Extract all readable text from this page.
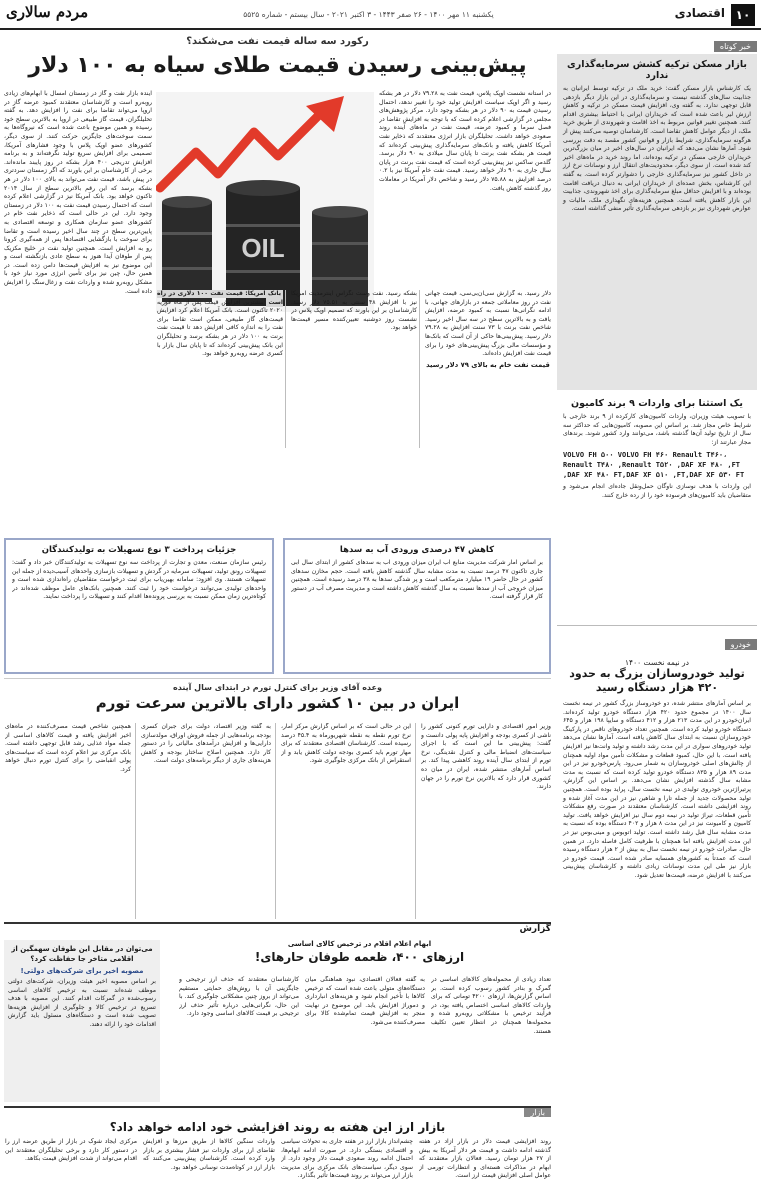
۱۰
اقتصادی
یکشنبه ۱۱ مهر ۱۴۰۰ - ۲۶ صفر ۱۴۴۳ - ۳ اکتبر ۲۰۲۱ - سال بیستم - شماره ۵۵۲۵
مردم سالاری
خبر کوتاه
بازار مسکن ترکیه کشش سرمایه‌گذاری ندارد
یک کارشناس بازار مسکن گفت: خرید ملک در ترکیه توسط ایرانیان به جذابیت سال‌های گذشته نیست و سرمایه‌گذاری در این بازار دیگر بازدهی قابل توجهی ندارد. به گفته وی، افزایش قیمت مسکن در ترکیه و کاهش ارزش لیر باعث شده است که خریداران ایرانی با احتیاط بیشتری اقدام کنند. همچنین تغییر قوانین مربوط به اخذ اقامت و شهروندی از طریق خرید ملک، از دیگر عوامل کاهش تقاضا است. کارشناسان توصیه می‌کنند پیش از هرگونه سرمایه‌گذاری، شرایط بازار و قوانین کشور مقصد به دقت بررسی شود. آمارها نشان می‌دهد که ایرانیان در سال‌های اخیر در میان بزرگ‌ترین خریداران خارجی مسکن در ترکیه بوده‌اند، اما روند خرید در ماه‌های اخیر کند شده است. از سوی دیگر، محدودیت‌های انتقال ارز و نوسانات نرخ ارز در داخل کشور نیز سرمایه‌گذاری خارجی را دشوارتر کرده است. به گفته این کارشناس، بخش عمده‌ای از خریداران ایرانی به دنبال دریافت اقامت بوده‌اند و با افزایش حداقل مبلغ سرمایه‌گذاری برای اخذ شهروندی، جذابیت این بازار کاهش یافته است. همچنین هزینه‌های نگهداری ملک، مالیات و عوارض شهرداری نیز بر بازدهی سرمایه‌گذاری تأثیر منفی گذاشته است.
یک استثنا برای واردات ۹ برند کامیون
با تصویب هیئت وزیران، واردات کامیون‌های کارکرده از ۹ برند خارجی با شرایط خاص مجاز شد. بر اساس این مصوبه، کامیون‌هایی که حداکثر سه سال از تاریخ تولید آن‌ها گذشته باشد، می‌توانند وارد کشور شوند. برندهای مجاز عبارتند از:
VOLVO FH ۵۰۰ VOLVO FH ۴۶۰ Renault T۴۶۰، Renault T۴۸۰ ,Renault T۵۲۰ ,DAF XF ۴۸۰ ,FT ,DAF XF ۴۸۰ FT,DAF XF ۵۱۰ ,FT,DAF XF ۵۳۰ FT
این واردات با هدف نوسازی ناوگان حمل‌ونقل جاده‌ای انجام می‌شود و متقاضیان باید کامیون‌های فرسوده خود را از رده خارج کنند.
خودرو
در نیمه نخست ۱۴۰۰
تولید خودروسازان بزرگ به حدود ۴۲۰ هزار دستگاه رسید
بر اساس آمارهای منتشر شده، دو خودروساز بزرگ کشور در نیمه نخست سال ۱۴۰۰ در مجموع حدود ۴۲۰ هزار دستگاه خودرو تولید کرده‌اند. ایران‌خودرو در این مدت ۲۱۳ هزار و ۴۱۲ دستگاه و سایپا ۱۹۸ هزار و ۶۴۵ دستگاه خودرو تولید کرده است. همچنین تعداد خودروهای ناقص در پارکینگ خودروسازان نسبت به ابتدای سال کاهش یافته است. آمارها نشان می‌دهد تولید خودروهای سواری در این مدت رشد داشته و تولید وانت‌ها نیز افزایش یافته است. با این حال، کمبود قطعات و مشکلات تأمین مواد اولیه همچنان از چالش‌های اصلی خودروسازان به شمار می‌رود. پارس‌خودرو نیز در این مدت ۸۹ هزار و ۸۳۵ دستگاه خودرو تولید کرده است که نسبت به مدت مشابه سال گذشته افزایش نشان می‌دهد. بر اساس این گزارش، پرتیراژترین خودروی تولیدی در نیمه نخست سال، پراید بوده است. همچنین تولید محصولات جدید از جمله تارا و شاهین نیز در این مدت آغاز شده و روند افزایشی داشته است. کارشناسان معتقدند در صورت رفع مشکلات تأمین قطعات، تیراژ تولید در نیمه دوم سال نیز افزایش خواهد یافت. تولید کامیون و کامیونت نیز در این مدت ۸ هزار و ۴۰۲ دستگاه بوده که نسبت به مدت مشابه سال قبل رشد داشته است. تولید اتوبوس و مینی‌بوس نیز در این مدت افزایش یافته اما همچنان با ظرفیت کامل فاصله دارد. در همین حال، صادرات خودرو در نیمه نخست سال به بیش از ۲ هزار دستگاه رسیده است که عمدتاً به کشورهای همسایه صادر شده است. قیمت خودرو در بازار نیز طی این مدت نوسانات زیادی داشته و کارشناسان پیش‌بینی می‌کنند با افزایش عرضه، قیمت‌ها تعدیل شود.
رکورد سه ساله قیمت نفت می‌شکند؟
پیش‌بینی رسیدن قیمت طلای سیاه به ۱۰۰ دلار
در آستانه نشست اوپک پلاس، قیمت نفت به ۷۹.۲۸ دلار در هر بشکه رسید و اگر اوپک سیاست افزایش تولید خود را تغییر ندهد، احتمال رسیدن قیمت به ۹۰ دلار در هر بشکه وجود دارد. مرکز پژوهش‌های مجلس در گزارشی اعلام کرده است که با توجه به افزایش تقاضا در فصل سرما و کمبود عرضه، قیمت نفت در ماه‌های آینده روند صعودی خواهد داشت. تحلیلگران بازار انرژی معتقدند که ذخایر نفت آمریکا کاهش یافته و بانک‌های سرمایه‌گذاری پیش‌بینی کرده‌اند که قیمت هر بشکه نفت برنت تا پایان سال میلادی به ۹۰ دلار برسد. گلدمن ساکس نیز پیش‌بینی کرده است که قیمت نفت برنت در پایان سال جاری به ۹۰ دلار خواهد رسید. قیمت نفت خام آمریکا نیز با ۰.۲ درصد افزایش به ۷۵.۸۸ دلار رسید و شاخص دلار آمریکا در معاملات روز گذشته کاهش یافت.
OIL
آینده بازار نفت و گاز در زمستان امسال با ابهام‌های زیادی روبه‌رو است و کارشناسان معتقدند کمبود عرضه گاز در اروپا می‌تواند تقاضا برای نفت را افزایش دهد. به گفته تحلیلگران، قیمت گاز طبیعی در اروپا به بالاترین سطح خود رسیده و همین موضوع باعث شده است که نیروگاه‌ها به سمت سوخت‌های جایگزین حرکت کنند. از سوی دیگر، کشورهای عضو اوپک پلاس با وجود فشارهای آمریکا، تصمیمی برای افزایش سریع تولید نگرفته‌اند و به برنامه افزایش تدریجی ۴۰۰ هزار بشکه در روز پایبند مانده‌اند. برخی از کارشناسان بر این باورند که اگر زمستان سردتری در پیش باشد، قیمت نفت می‌تواند به بالای ۱۰۰ دلار در هر بشکه برسد که این رقم بالاترین سطح از سال ۲۰۱۴ تاکنون خواهد بود. بانک آمریکا نیز در گزارشی اعلام کرده است که احتمال رسیدن قیمت نفت به ۱۰۰ دلار در زمستان وجود دارد. این در حالی است که ذخایر نفت خام در کشورهای عضو سازمان همکاری و توسعه اقتصادی به پایین‌ترین سطح در چند سال اخیر رسیده است و تقاضا برای سوخت با بازگشایی اقتصادها پس از همه‌گیری کرونا رو به افزایش است. همچنین تولید نفت در خلیج مکزیک پس از طوفان آیدا هنوز به سطح عادی بازنگشته است و این موضوع نیز به افزایش قیمت‌ها دامن زده است. در همین حال، چین نیز برای تأمین انرژی مورد نیاز خود با مشکل روبه‌رو شده و واردات نفت و زغال‌سنگ را افزایش داده است.	دلار رسید. به گزارش سی‌ان‌بی‌سی، قیمت جهانی نفت در روز معاملاتی جمعه در بازارهای جهانی، با ادامه نگرانی‌ها نسبت به کمبود عرضه، افزایش یافت و به بالاترین سطح در سه سال اخیر رسید. شاخص نفت برنت با ۷۳ سنت افزایش به ۷۹.۲۸ دلار رسید. پیش‌بینی‌ها حاکی از آن است که بانک‌ها و مؤسسات مالی بزرگ پیش‌بینی‌های خود را برای قیمت نفت افزایش داده‌اند.
قیمت نفت خام به بالای ۷۹ دلار رسید
بشکه رسید. نفت وست تگزاس اینترمدیت آمریکا نیز با افزایش ۴۸ سنتی به ۷۵.۵۱ دلار رسید. کارشناسان بر این باورند که تصمیم اوپک پلاس در نشست روز دوشنبه تعیین‌کننده مسیر قیمت‌ها خواهد بود.
بانک آمریکا: قیمت نفت ۱۰۰ دلاری در راه است بیشترین افزایش قیمت پس از ماه فوریه ۲۰۲۰ تاکنون است. بانک آمریکا اعلام کرد افزایش قیمت‌های گاز طبیعی، ممکن است تقاضا برای نفت را به اندازه کافی افزایش دهد تا قیمت نفت برنت به ۱۰۰ دلار در هر بشکه برسد و تحلیلگران این بانک پیش‌بینی کرده‌اند که تا پایان سال بازار با کسری عرضه روبه‌رو خواهد بود.
جزئیات پرداخت ۳ نوع تسهیلات به تولیدکنندگان
رئیس سازمان صنعت، معدن و تجارت از پرداخت سه نوع تسهیلات به تولیدکنندگان خبر داد و گفت: تسهیلات رونق تولید، تسهیلات سرمایه در گردش و تسهیلات بازسازی واحدهای آسیب‌دیده از جمله این تسهیلات هستند. وی افزود: سامانه بهین‌یاب برای ثبت درخواست متقاضیان راه‌اندازی شده است و واحدهای تولیدی می‌توانند درخواست خود را ثبت کنند. همچنین بانک‌های عامل موظف شده‌اند در کوتاه‌ترین زمان ممکن نسبت به بررسی پرونده‌ها اقدام کنند و تسهیلات را پرداخت نمایند.
کاهش ۴۷ درصدی ورودی آب به سدها
بر اساس آمار شرکت مدیریت منابع آب ایران میزان ورودی آب به سدهای کشور از ابتدای سال آبی جاری تاکنون ۴۷ درصد نسبت به مدت مشابه سال گذشته کاهش یافته است. حجم مخازن سدهای کشور در حال حاضر ۱۹ میلیارد مترمکعب است و پر شدگی سدها به ۳۸ درصد رسیده است. همچنین میزان خروجی آب از سدها نسبت به سال گذشته کاهش داشته است و مدیریت مصرف آب در دستور کار قرار گرفته است.
وعده آقای وزیر برای کنترل تورم در ابتدای سال آینده
ایران در بین ۱۰ کشور دارای بالاترین سرعت تورم
وزیر امور اقتصادی و دارایی تورم کنونی کشور را ناشی از کسری بودجه و افزایش پایه پولی دانست و گفت: پیش‌بینی ما این است که با اجرای سیاست‌های انضباط مالی و کنترل نقدینگی، نرخ تورم از ابتدای سال آینده روند کاهشی پیدا کند. بر اساس آمارهای منتشر شده، ایران در میان ده کشوری قرار دارد که بالاترین نرخ تورم را در جهان دارند.
این در حالی است که بر اساس گزارش مرکز آمار، نرخ تورم نقطه به نقطه شهریورماه به ۴۵.۴ درصد رسیده است. کارشناسان اقتصادی معتقدند که برای مهار تورم باید کسری بودجه دولت کاهش یابد و از استقراض از بانک مرکزی جلوگیری شود.
به گفته وزیر اقتصاد، دولت برای جبران کسری بودجه برنامه‌هایی از جمله فروش اوراق، مولدسازی دارایی‌ها و افزایش درآمدهای مالیاتی را در دستور کار دارد. همچنین اصلاح ساختار بودجه و کاهش هزینه‌های جاری از دیگر برنامه‌های دولت است.
همچنین شاخص قیمت مصرف‌کننده در ماه‌های اخیر افزایش یافته و قیمت کالاهای اساسی از جمله مواد غذایی رشد قابل توجهی داشته است. بانک مرکزی نیز اعلام کرده است که سیاست‌های پولی انقباضی را برای کنترل تورم دنبال خواهد کرد.
گزارش
ابهام اعلام اقلام در ترخیص کالای اساسی
ارزهای ۴۰۰، ظعمه طوفان حارهای!
تعداد زیادی از محموله‌های کالاهای اساسی در گمرک و بنادر کشور رسوب کرده است. بر اساس گزارش‌ها، ارزهای ۴۲۰۰ تومانی که برای واردات کالاهای اساسی اختصاص یافته بود، در فرآیند ترخیص با مشکلاتی روبه‌رو شده و محموله‌ها همچنان در انتظار تعیین تکلیف هستند.
به گفته فعالان اقتصادی، نبود هماهنگی میان دستگاه‌های متولی باعث شده است که ترخیص کالاها با تأخیر انجام شود و هزینه‌های انبارداری و دموراژ افزایش یابد. این موضوع در نهایت منجر به افزایش قیمت تمام‌شده کالا برای مصرف‌کننده می‌شود.
کارشناسان معتقدند که حذف ارز ترجیحی و جایگزینی آن با روش‌های حمایتی مستقیم می‌تواند از بروز چنین مشکلاتی جلوگیری کند. با این حال، نگرانی‌هایی درباره تأثیر حذف ارز ترجیحی بر قیمت کالاهای اساسی وجود دارد.
می‌توان در مقابل این طوفان سهمگین از اقلامی متاخر جا حفاظت کرد؟
مصوبه اخیر برای شرکت‌های دولتی!
بر اساس مصوبه اخیر هیئت وزیران، شرکت‌های دولتی موظف شده‌اند نسبت به ترخیص کالاهای اساسی رسوب‌شده در گمرکات اقدام کنند. این مصوبه با هدف تسریع در ترخیص کالا و جلوگیری از افزایش هزینه‌ها تصویب شده است و دستگاه‌های مسئول باید گزارش اقدامات خود را ارائه دهند.
بازار
بازار ارز این هفته به روند افزایشی خود ادامه خواهد داد؟
روند افزایشی قیمت دلار در بازار آزاد در هفته گذشته ادامه داشت و قیمت هر دلار آمریکا به بیش از ۲۷ هزار تومان رسید. فعالان بازار معتقدند که ابهام در مذاکرات هسته‌ای و انتظارات تورمی از عوامل اصلی افزایش قیمت ارز است.
چشم‌انداز بازار ارز در هفته جاری به تحولات سیاسی و اقتصادی بستگی دارد. در صورت ادامه ابهام‌ها، احتمال ادامه روند صعودی قیمت دلار وجود دارد. از سوی دیگر، سیاست‌های بانک مرکزی برای مدیریت بازار ارز می‌تواند بر روند قیمت‌ها تأثیر بگذارد.
واردات سنگین کالاها از طریق مرزها و افزایش تقاضای ارز برای واردات نیز فشار بیشتری بر بازار وارد کرده است. کارشناسان پیش‌بینی می‌کنند که بازار ارز در کوتاه‌مدت نوسانی خواهد بود.
مرکزی ایجاد شوک در بازار از طریق عرضه ارز را در دستور کار دارد و برخی تحلیلگران معتقدند این اقدام می‌تواند از شدت افزایش قیمت بکاهد.
